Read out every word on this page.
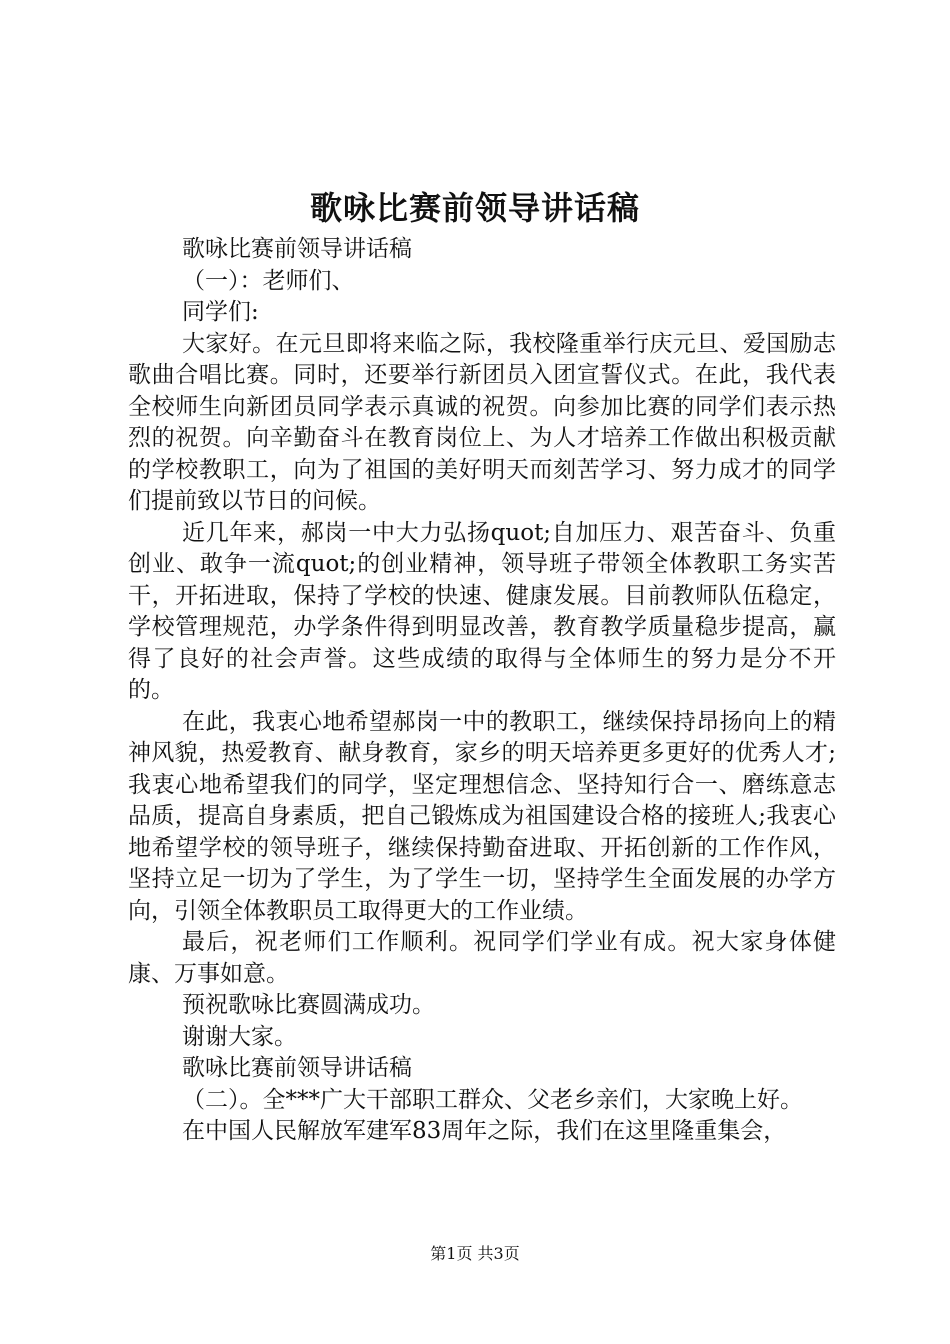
歌咏比赛前领导讲话稿

歌咏比赛前领导讲话稿

（一）：老师们、

同学们:

大家好。在元旦即将来临之际，我校隆重举行庆元旦、爱国励志歌曲合唱比赛。同时，还要举行新团员入团宣誓仪式。在此，我代表全校师生向新团员同学表示真诚的祝贺。向参加比赛的同学们表示热烈的祝贺。向辛勤奋斗在教育岗位上、为人才培养工作做出积极贡献的学校教职工，向为了祖国的美好明天而刻苦学习、努力成才的同学们提前致以节日的问候。

近几年来，郝岗一中大力弘扬quot;自加压力、艰苦奋斗、负重创业、敢争一流quot;的创业精神，领导班子带领全体教职工务实苦干，开拓进取，保持了学校的快速、健康发展。目前教师队伍稳定，学校管理规范，办学条件得到明显改善，教育教学质量稳步提高，赢得了良好的社会声誉。这些成绩的取得与全体师生的努力是分不开的。

在此，我衷心地希望郝岗一中的教职工，继续保持昂扬向上的精神风貌，热爱教育、献身教育，家乡的明天培养更多更好的优秀人才;我衷心地希望我们的同学，坚定理想信念、坚持知行合一、磨练意志品质，提高自身素质，把自己锻炼成为祖国建设合格的接班人;我衷心地希望学校的领导班子，继续保持勤奋进取、开拓创新的工作作风，坚持立足一切为了学生，为了学生一切，坚持学生全面发展的办学方向，引领全体教职员工取得更大的工作业绩。

最后，祝老师们工作顺利。祝同学们学业有成。祝大家身体健康、万事如意。

预祝歌咏比赛圆满成功。

谢谢大家。

歌咏比赛前领导讲话稿

（二）。全***广大干部职工群众、父老乡亲们，大家晚上好。

在中国人民解放军建军83周年之际，我们在这里隆重集会，

第1页 共3页
